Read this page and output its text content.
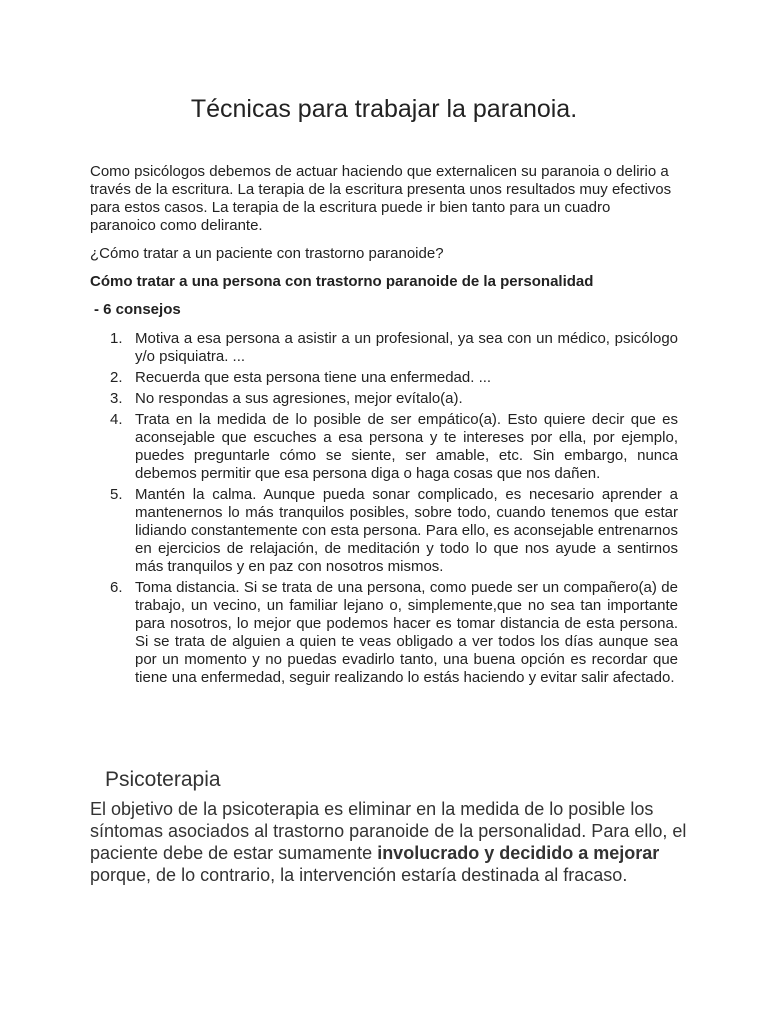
Técnicas para trabajar la paranoia.

Como psicólogos debemos de actuar haciendo que externalicen su paranoia o delirio a través de la escritura. La terapia de la escritura presenta unos resultados muy efectivos para estos casos. La terapia de la escritura puede ir bien tanto para un cuadro paranoico como delirante.

¿Cómo tratar a un paciente con trastorno paranoide?

Cómo tratar a una persona con trastorno paranoide de la personalidad

- 6 consejos

1. Motiva a esa persona a asistir a un profesional, ya sea con un médico, psicólogo y/o psiquiatra. ...
2. Recuerda que esta persona tiene una enfermedad. ...
3. No respondas a sus agresiones, mejor evítalo(a).
4. Trata en la medida de lo posible de ser empático(a). Esto quiere decir que es aconsejable que escuches a esa persona y te intereses por ella, por ejemplo, puedes preguntarle cómo se siente, ser amable, etc. Sin embargo, nunca debemos permitir que esa persona diga o haga cosas que nos dañen.
5. Mantén la calma. Aunque pueda sonar complicado, es necesario aprender a mantenernos lo más tranquilos posibles, sobre todo, cuando tenemos que estar lidiando constantemente con esta persona. Para ello, es aconsejable entrenarnos en ejercicios de relajación, de meditación y todo lo que nos ayude a sentirnos más tranquilos y en paz con nosotros mismos.
6. Toma distancia. Si se trata de una persona, como puede ser un compañero(a) de trabajo, un vecino, un familiar lejano o, simplemente,que no sea tan importante para nosotros, lo mejor que podemos hacer es tomar distancia de esta persona. Si se trata de alguien a quien te veas obligado a ver todos los días aunque sea por un momento y no puedas evadirlo tanto, una buena opción es recordar que tiene una enfermedad, seguir realizando lo estás haciendo y evitar salir afectado.
Psicoterapia

El objetivo de la psicoterapia es eliminar en la medida de lo posible los síntomas asociados al trastorno paranoide de la personalidad. Para ello, el paciente debe de estar sumamente involucrado y decidido a mejorar porque, de lo contrario, la intervención estaría destinada al fracaso.
